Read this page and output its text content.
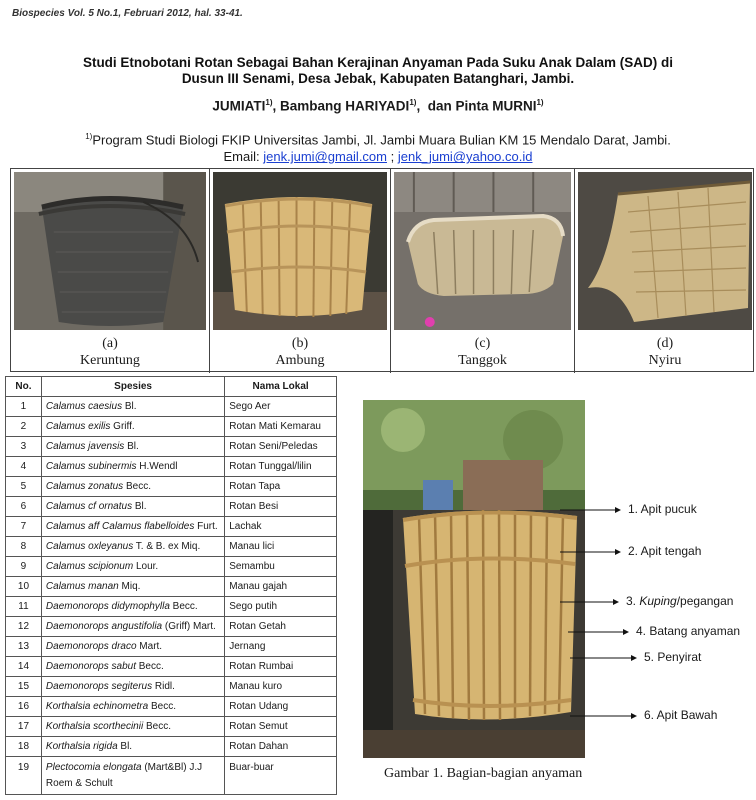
Biospecies Vol. 5 No.1, Februari 2012, hal. 33-41.
Studi Etnobotani Rotan Sebagai Bahan Kerajinan Anyaman Pada Suku Anak Dalam (SAD) di
Dusun III Senami, Desa Jebak, Kabupaten Batanghari, Jambi.
JUMIATI$^{1)}$, Bambang HARIYADI$^{1)}$,  dan Pinta MURNI$^{1)}$
$^{1)}$Program Studi Biologi FKIP Universitas Jambi, Jl. Jambi Muara Bulian KM 15 Mendalo Darat, Jambi.
Email: jenk.jumi@gmail.com ; jenk_jumi@yahoo.co.id
(a)
Keruntung
(b)
Ambung
(c)
Tanggok
(d)
Nyiru
No.	Spesies	Nama Lokal
1	Calamus caesius Bl.	Sego Aer
2	Calamus exilis Griff.	Rotan Mati Kemarau
3	Calamus javensis Bl.	Rotan Seni/Peledas
4	Calamus subinermis H.Wendl	Rotan Tunggal/lilin
5	Calamus zonatus Becc.	Rotan Tapa
6	Calamus cf ornatus Bl.	Rotan Besi
7	Calamus aff Calamus flabelloides Furt.	Lachak
8	Calamus oxleyanus T. & B. ex Miq.	Manau lici
9	Calamus scipionum Lour.	Semambu
10	Calamus manan Miq.	Manau gajah
11	Daemonorops didymophylla Becc.	Sego putih
12	Daemonorops angustifolia (Griff) Mart.	Rotan Getah
13	Daemonorops draco Mart.	Jernang
14	Daemonorops sabut Becc.	Rotan Rumbai
15	Daemonorops segiterus Ridl.	Manau kuro
16	Korthalsia echinometra Becc.	Rotan Udang
17	Korthalsia scorthecinii Becc.	Rotan Semut
18	Korthalsia rigida Bl.	Rotan Dahan
19	Plectocomia elongata (Mart&Bl) J.J Roem & Schult	Buar-buar
1. Apit pucuk
2. Apit tengah
3. Kuping/pegangan
4. Batang anyaman
5. Penyirat
6. Apit Bawah
Gambar 1. Bagian-bagian anyaman
